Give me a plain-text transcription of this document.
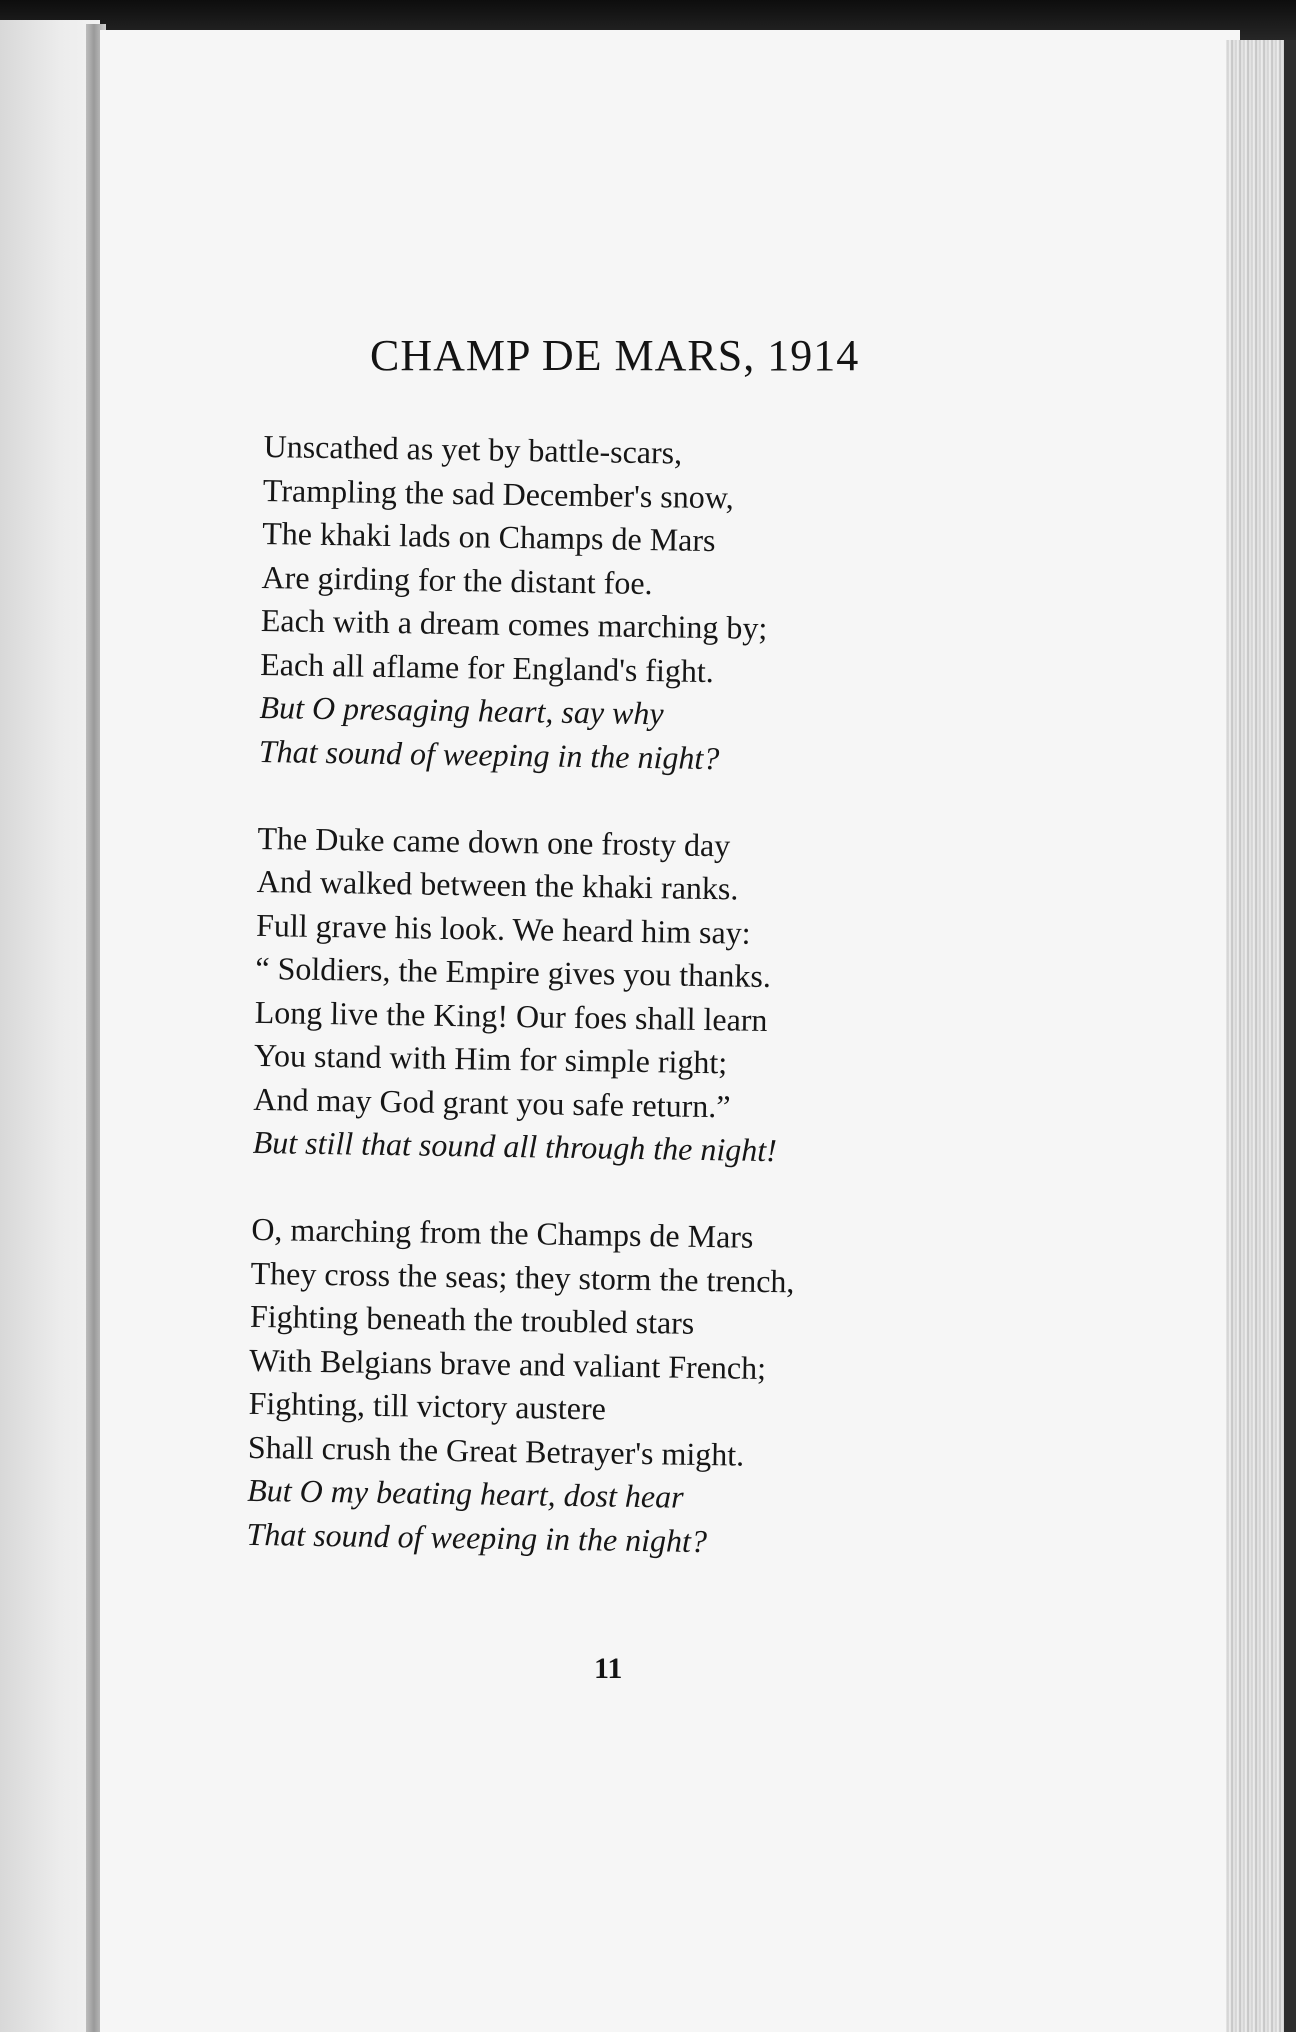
CHAMP DE MARS, 1914
Unscathed as yet by battle-scars,
Trampling the sad December's snow,
The khaki lads on Champs de Mars
Are girding for the distant foe.
Each with a dream comes marching by;
Each all aflame for England's fight.
But O presaging heart, say why
That sound of weeping in the night?
The Duke came down one frosty day
And walked between the khaki ranks.
Full grave his look. We heard him say:
“ Soldiers, the Empire gives you thanks.
Long live the King! Our foes shall learn
You stand with Him for simple right;
And may God grant you safe return.”
But still that sound all through the night!
O, marching from the Champs de Mars
They cross the seas; they storm the trench,
Fighting beneath the troubled stars
With Belgians brave and valiant French;
Fighting, till victory austere
Shall crush the Great Betrayer's might.
But O my beating heart, dost hear
That sound of weeping in the night?
11
